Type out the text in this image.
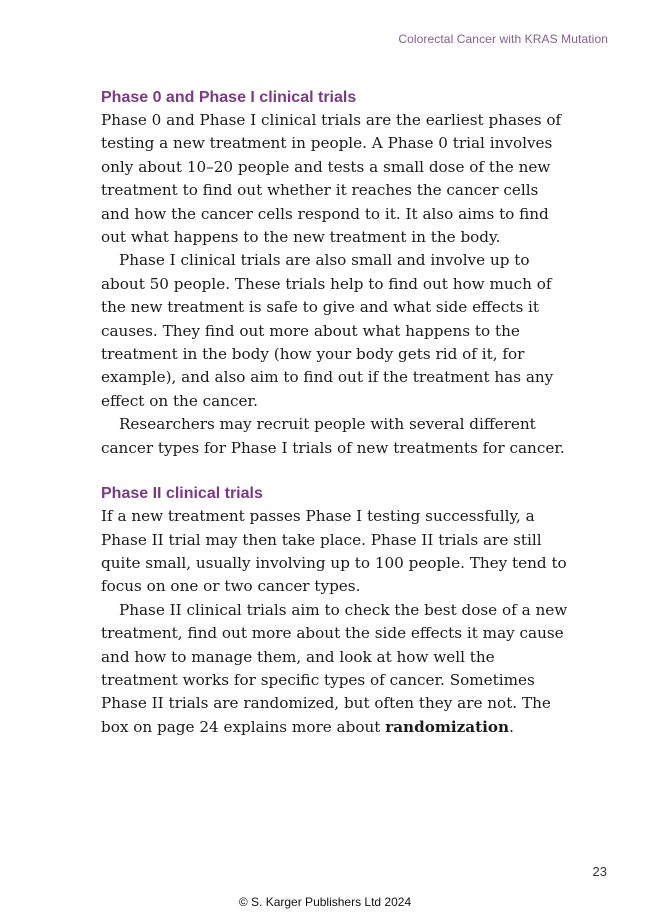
Colorectal Cancer with KRAS Mutation
Phase 0 and Phase I clinical trials

Phase 0 and Phase I clinical trials are the earliest phases of testing a new treatment in people. A Phase 0 trial involves only about 10–20 people and tests a small dose of the new treatment to find out whether it reaches the cancer cells and how the cancer cells respond to it. It also aims to find out what happens to the new treatment in the body.

Phase I clinical trials are also small and involve up to about 50 people. These trials help to find out how much of the new treatment is safe to give and what side effects it causes. They find out more about what happens to the treatment in the body (how your body gets rid of it, for example), and also aim to find out if the treatment has any effect on the cancer.

Researchers may recruit people with several different cancer types for Phase I trials of new treatments for cancer.

Phase II clinical trials

If a new treatment passes Phase I testing successfully, a Phase II trial may then take place. Phase II trials are still quite small, usually involving up to 100 people. They tend to focus on one or two cancer types.

Phase II clinical trials aim to check the best dose of a new treatment, find out more about the side effects it may cause and how to manage them, and look at how well the treatment works for specific types of cancer. Sometimes Phase II trials are randomized, but often they are not. The box on page 24 explains more about randomization.

23
© S. Karger Publishers Ltd 2024
